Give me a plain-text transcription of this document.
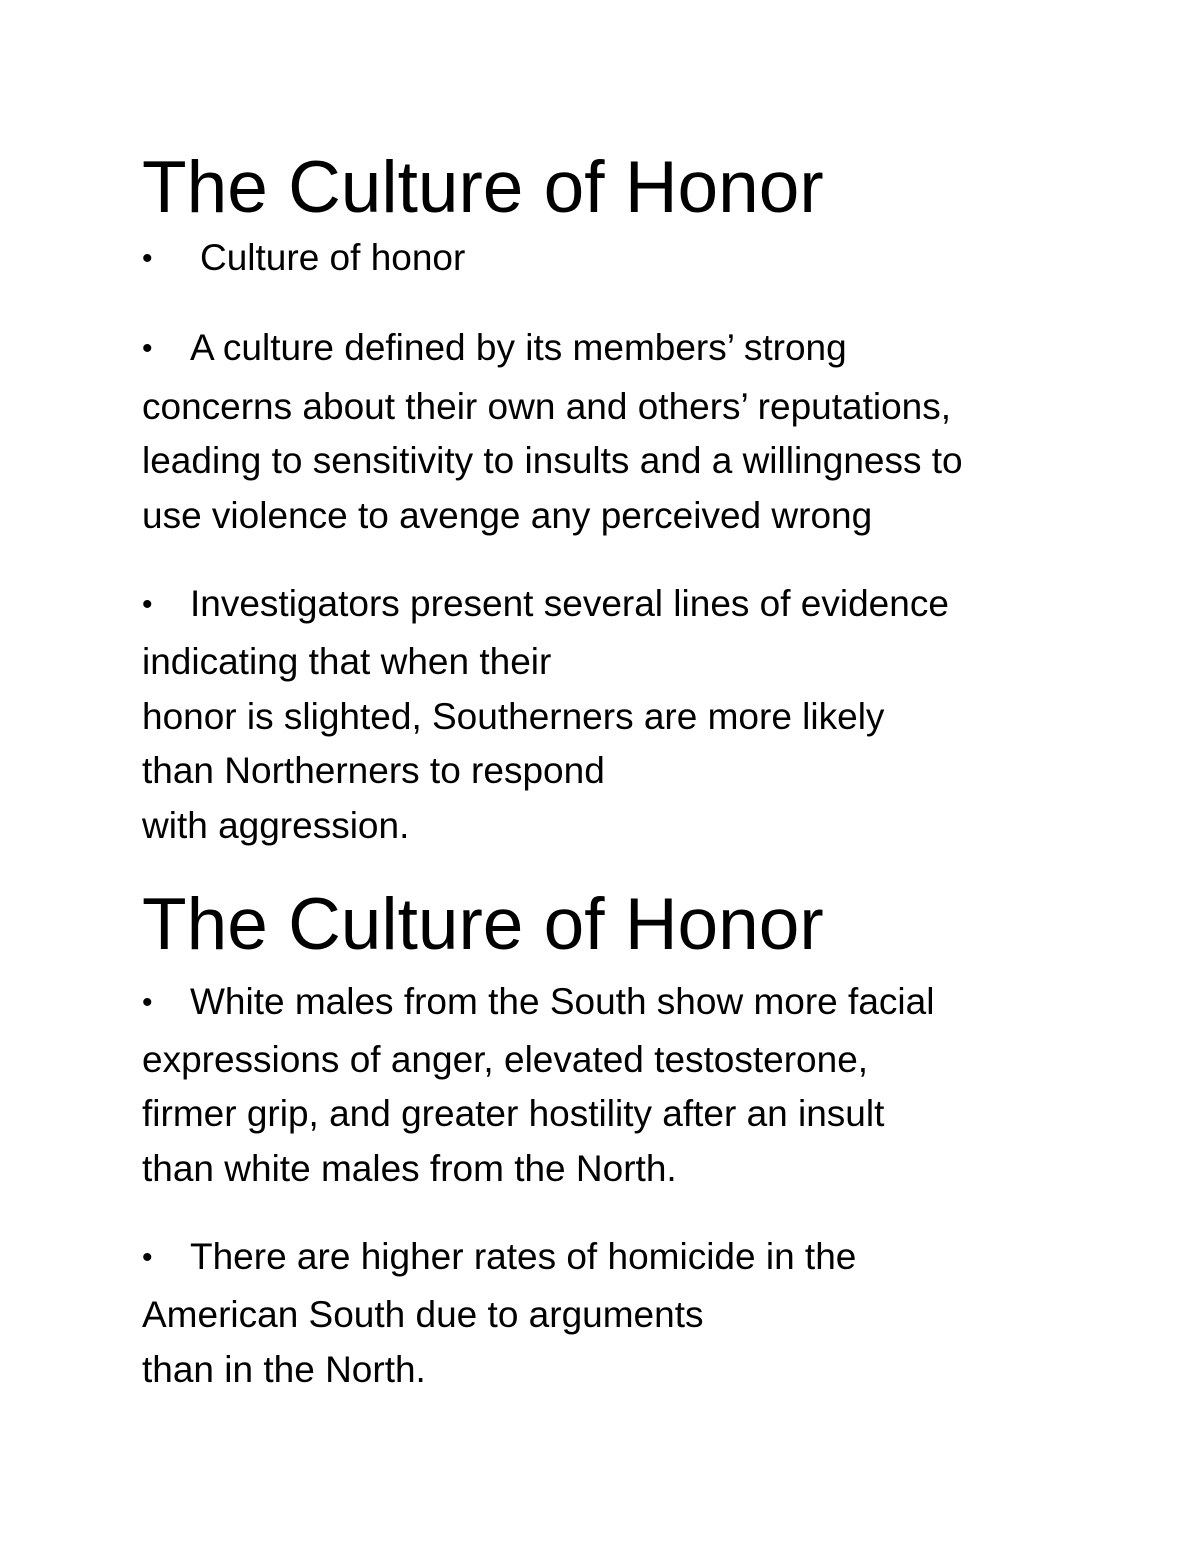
The Culture of Honor

• Culture of honor

• A culture defined by its members’ strong

concerns about their own and others’ reputations,

leading to sensitivity to insults and a willingness to

use violence to avenge any perceived wrong

• Investigators present several lines of evidence

indicating that when their

honor is slighted, Southerners are more likely

than Northerners to respond

with aggression.

The Culture of Honor

• White males from the South show more facial

expressions of anger, elevated testosterone,

firmer grip, and greater hostility after an insult

than white males from the North.

• There are higher rates of homicide in the

American South due to arguments

than in the North.
